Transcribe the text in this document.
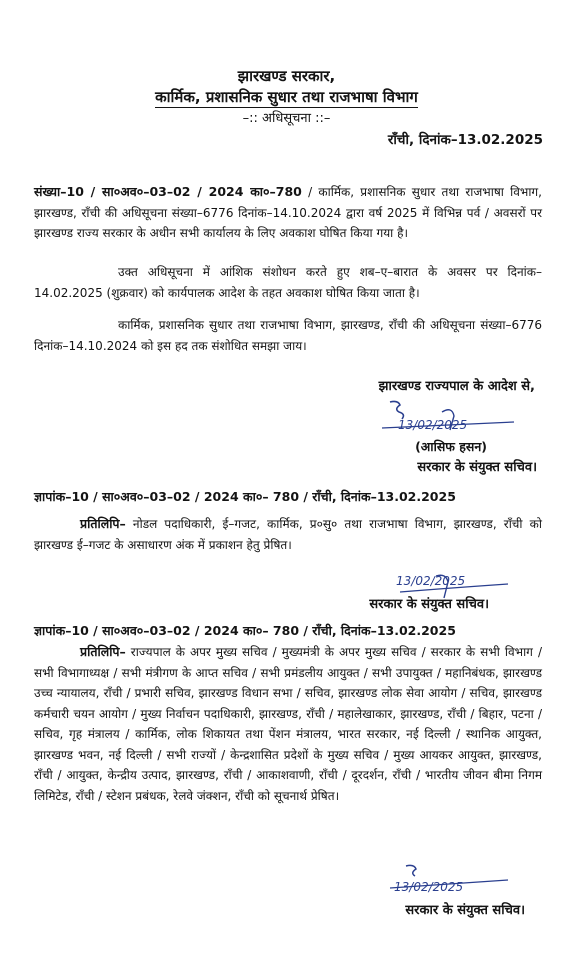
झारखण्ड सरकार,
कार्मिक, प्रशासनिक सुधार तथा राजभाषा विभाग
–:: अधिसूचना ::–
राँची, दिनांक–13.02.2025

संख्या–10 / सा०अव०–03–02 / 2024 का०–780 / कार्मिक, प्रशासनिक सुधार तथा राजभाषा विभाग, झारखण्ड, राँची की अधिसूचना संख्या–6776 दिनांक–14.10.2024 द्वारा वर्ष 2025 में विभिन्न पर्व / अवसरों पर झारखण्ड राज्य सरकार के अधीन सभी कार्यालय के लिए अवकाश घोषित किया गया है।

उक्त अधिसूचना में आंशिक संशोधन करते हुए शब–ए–बारात के अवसर पर दिनांक–14.02.2025 (शुक्रवार) को कार्यपालक आदेश के तहत अवकाश घोषित किया जाता है।

कार्मिक, प्रशासनिक सुधार तथा राजभाषा विभाग, झारखण्ड, राँची की अधिसूचना संख्या–6776 दिनांक–14.10.2024 को इस हद तक संशोधित समझा जाय।

झारखण्ड राज्यपाल के आदेश से,
13/02/2025
(आसिफ हसन)
सरकार के संयुक्त सचिव।
ज्ञापांक–10 / सा०अव०–03–02 / 2024 का०– 780 / राँची, दिनांक–13.02.2025

प्रतिलिपि– नोडल पदाधिकारी, ई–गजट, कार्मिक, प्र०सु० तथा राजभाषा विभाग, झारखण्ड, राँची को झारखण्ड ई–गजट के असाधारण अंक में प्रकाशन हेतु प्रेषित।

13/02/2025
सरकार के संयुक्त सचिव।
ज्ञापांक–10 / सा०अव०–03–02 / 2024 का०– 780 / राँची, दिनांक–13.02.2025

प्रतिलिपि– राज्यपाल के अपर मुख्य सचिव / मुख्यमंत्री के अपर मुख्य सचिव / सरकार के सभी विभाग / सभी विभागाध्यक्ष / सभी मंत्रीगण के आप्त सचिव / सभी प्रमंडलीय आयुक्त / सभी उपायुक्त / महानिबंधक, झारखण्ड उच्च न्यायालय, राँची / प्रभारी सचिव, झारखण्ड विधान सभा / सचिव, झारखण्ड लोक सेवा आयोग / सचिव, झारखण्ड कर्मचारी चयन आयोग / मुख्य निर्वाचन पदाधिकारी, झारखण्ड, राँची / महालेखाकार, झारखण्ड, राँची / बिहार, पटना / सचिव, गृह मंत्रालय / कार्मिक, लोक शिकायत तथा पेंशन मंत्रालय, भारत सरकार, नई दिल्ली / स्थानिक आयुक्त, झारखण्ड भवन, नई दिल्ली / सभी राज्यों / केन्द्रशासित प्रदेशों के मुख्य सचिव / मुख्य आयकर आयुक्त, झारखण्ड, राँची / आयुक्त, केन्द्रीय उत्पाद, झारखण्ड, राँची / आकाशवाणी, राँची / दूरदर्शन, राँची / भारतीय जीवन बीमा निगम लिमिटेड, राँची / स्टेशन प्रबंधक, रेलवे जंक्शन, राँची को सूचनार्थ प्रेषित।

13/02/2025
सरकार के संयुक्त सचिव।
